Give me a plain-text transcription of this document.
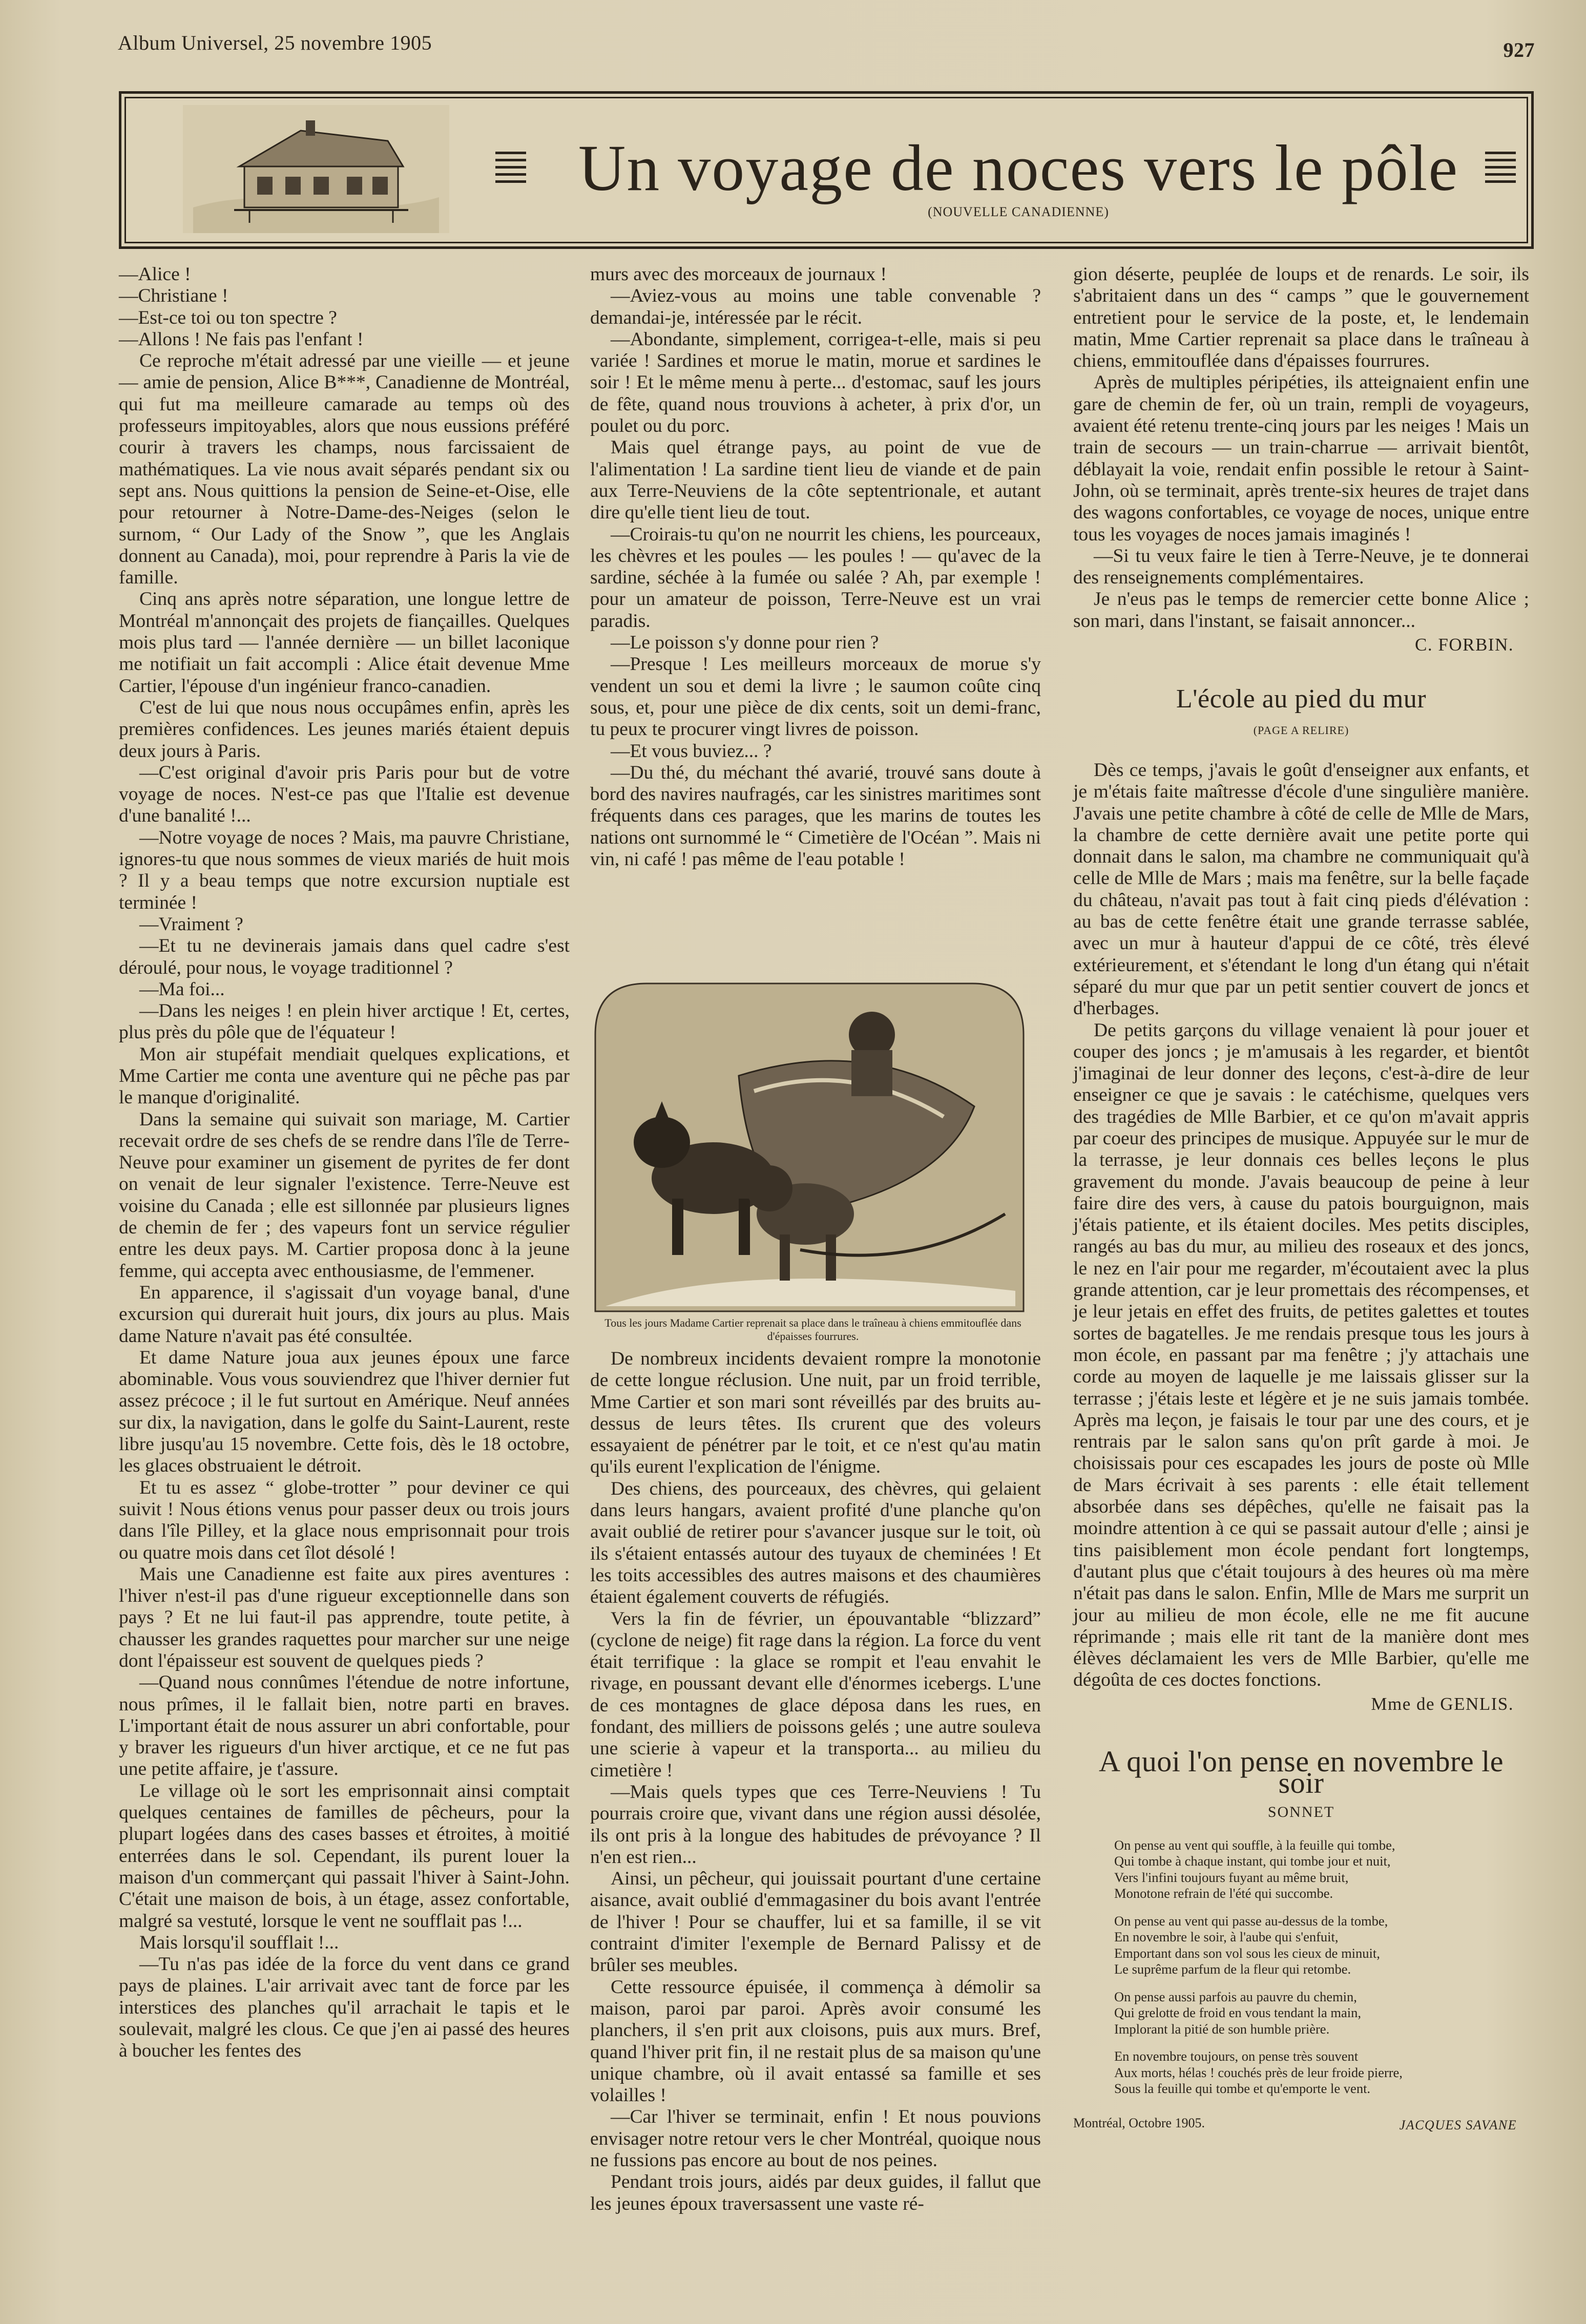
Album Universel, 25 novembre 1905	927
Un voyage de noces vers le pôle
(NOUVELLE CANADIENNE)

—Alice !

—Christiane !

—Est-ce toi ou ton spectre ?

—Allons ! Ne fais pas l'enfant !

Ce reproche m'était adressé par une vieille — et jeune — amie de pension, Alice B***, Canadienne de Montréal, qui fut ma meilleure camarade au temps où des professeurs impitoyables, alors que nous eussions préféré courir à travers les champs, nous farcissaient de mathématiques. La vie nous avait séparés pendant six ou sept ans. Nous quittions la pension de Seine-et-Oise, elle pour retourner à Notre-Dame-des-Neiges (selon le surnom, “ Our Lady of the Snow ”, que les Anglais donnent au Canada), moi, pour reprendre à Paris la vie de famille.

Cinq ans après notre séparation, une longue lettre de Montréal m'annonçait des projets de fiançailles. Quelques mois plus tard — l'année dernière — un billet laconique me notifiait un fait accompli : Alice était devenue Mme Cartier, l'épouse d'un ingénieur franco-canadien.

C'est de lui que nous nous occupâmes enfin, après les premières confidences. Les jeunes mariés étaient depuis deux jours à Paris.

—C'est original d'avoir pris Paris pour but de votre voyage de noces. N'est-ce pas que l'Italie est devenue d'une banalité !...

—Notre voyage de noces ? Mais, ma pauvre Christiane, ignores-tu que nous sommes de vieux mariés de huit mois ? Il y a beau temps que notre excursion nuptiale est terminée !

—Vraiment ?

—Et tu ne devinerais jamais dans quel cadre s'est déroulé, pour nous, le voyage traditionnel ?

—Ma foi...

—Dans les neiges ! en plein hiver arctique ! Et, certes, plus près du pôle que de l'équateur !

Mon air stupéfait mendiait quelques explications, et Mme Cartier me conta une aventure qui ne pêche pas par le manque d'originalité.

Dans la semaine qui suivait son mariage, M. Cartier recevait ordre de ses chefs de se rendre dans l'île de Terre-Neuve pour examiner un gisement de pyrites de fer dont on venait de leur signaler l'existence. Terre-Neuve est voisine du Canada ; elle est sillonnée par plusieurs lignes de chemin de fer ; des vapeurs font un service régulier entre les deux pays. M. Cartier proposa donc à la jeune femme, qui accepta avec enthousiasme, de l'emmener.

En apparence, il s'agissait d'un voyage banal, d'une excursion qui durerait huit jours, dix jours au plus. Mais dame Nature n'avait pas été consultée.

Et dame Nature joua aux jeunes époux une farce abominable. Vous vous souviendrez que l'hiver dernier fut assez précoce ; il le fut surtout en Amérique. Neuf années sur dix, la navigation, dans le golfe du Saint-Laurent, reste libre jusqu'au 15 novembre. Cette fois, dès le 18 octobre, les glaces obstruaient le détroit.

Et tu es assez “ globe-trotter ” pour deviner ce qui suivit ! Nous étions venus pour passer deux ou trois jours dans l'île Pilley, et la glace nous emprisonnait pour trois ou quatre mois dans cet îlot désolé !

Mais une Canadienne est faite aux pires aventures : l'hiver n'est-il pas d'une rigueur exceptionnelle dans son pays ? Et ne lui faut-il pas apprendre, toute petite, à chausser les grandes raquettes pour marcher sur une neige dont l'épaisseur est souvent de quelques pieds ?

—Quand nous connûmes l'étendue de notre infortune, nous prîmes, il le fallait bien, notre parti en braves. L'important était de nous assurer un abri confortable, pour y braver les rigueurs d'un hiver arctique, et ce ne fut pas une petite affaire, je t'assure.

Le village où le sort les emprisonnait ainsi comptait quelques centaines de familles de pêcheurs, pour la plupart logées dans des cases basses et étroites, à moitié enterrées dans le sol. Cependant, ils purent louer la maison d'un commerçant qui passait l'hiver à Saint-John. C'était une maison de bois, à un étage, assez confortable, malgré sa vestuté, lorsque le vent ne soufflait pas !...

Mais lorsqu'il soufflait !...

—Tu n'as pas idée de la force du vent dans ce grand pays de plaines. L'air arrivait avec tant de force par les interstices des planches qu'il arrachait le tapis et le soulevait, malgré les clous. Ce que j'en ai passé des heures à boucher les fentes des

murs avec des morceaux de journaux !

—Aviez-vous au moins une table convenable ? demandai-je, intéressée par le récit.

—Abondante, simplement, corrigea-t-elle, mais si peu variée ! Sardines et morue le matin, morue et sardines le soir ! Et le même menu à perte... d'estomac, sauf les jours de fête, quand nous trouvions à acheter, à prix d'or, un poulet ou du porc.

Mais quel étrange pays, au point de vue de l'alimentation ! La sardine tient lieu de viande et de pain aux Terre-Neuviens de la côte septentrionale, et autant dire qu'elle tient lieu de tout.

—Croirais-tu qu'on ne nourrit les chiens, les pourceaux, les chèvres et les poules — les poules ! — qu'avec de la sardine, séchée à la fumée ou salée ? Ah, par exemple ! pour un amateur de poisson, Terre-Neuve est un vrai paradis.

—Le poisson s'y donne pour rien ?

—Presque ! Les meilleurs morceaux de morue s'y vendent un sou et demi la livre ; le saumon coûte cinq sous, et, pour une pièce de dix cents, soit un demi-franc, tu peux te procurer vingt livres de poisson.

—Et vous buviez... ?

—Du thé, du méchant thé avarié, trouvé sans doute à bord des navires naufragés, car les sinistres maritimes sont fréquents dans ces parages, que les marins de toutes les nations ont surnommé le “ Cimetière de l'Océan ”. Mais ni vin, ni café ! pas même de l'eau potable !

Tous les jours Madame Cartier reprenait sa place dans le traîneau à chiens emmitouflée dans d'épaisses fourrures.

De nombreux incidents devaient rompre la monotonie de cette longue réclusion. Une nuit, par un froid terrible, Mme Cartier et son mari sont réveillés par des bruits au-dessus de leurs têtes. Ils crurent que des voleurs essayaient de pénétrer par le toit, et ce n'est qu'au matin qu'ils eurent l'explication de l'énigme.

Des chiens, des pourceaux, des chèvres, qui gelaient dans leurs hangars, avaient profité d'une planche qu'on avait oublié de retirer pour s'avancer jusque sur le toit, où ils s'étaient entassés autour des tuyaux de cheminées ! Et les toits accessibles des autres maisons et des chaumières étaient également couverts de réfugiés.

Vers la fin de février, un épouvantable “blizzard” (cyclone de neige) fit rage dans la région. La force du vent était terrifique : la glace se rompit et l'eau envahit le rivage, en poussant devant elle d'énormes icebergs. L'une de ces montagnes de glace déposa dans les rues, en fondant, des milliers de poissons gelés ; une autre souleva une scierie à vapeur et la transporta... au milieu du cimetière !

—Mais quels types que ces Terre-Neuviens ! Tu pourrais croire que, vivant dans une région aussi désolée, ils ont pris à la longue des habitudes de prévoyance ? Il n'en est rien...

Ainsi, un pêcheur, qui jouissait pourtant d'une certaine aisance, avait oublié d'emmagasiner du bois avant l'entrée de l'hiver ! Pour se chauffer, lui et sa famille, il se vit contraint d'imiter l'exemple de Bernard Palissy et de brûler ses meubles.

Cette ressource épuisée, il commença à démolir sa maison, paroi par paroi. Après avoir consumé les planchers, il s'en prit aux cloisons, puis aux murs. Bref, quand l'hiver prit fin, il ne restait plus de sa maison qu'une unique chambre, où il avait entassé sa famille et ses volailles !

—Car l'hiver se terminait, enfin ! Et nous pouvions envisager notre retour vers le cher Montréal, quoique nous ne fussions pas encore au bout de nos peines.

Pendant trois jours, aidés par deux guides, il fallut que les jeunes époux traversassent une vaste ré-

gion déserte, peuplée de loups et de renards. Le soir, ils s'abritaient dans un des “ camps ” que le gouvernement entretient pour le service de la poste, et, le lendemain matin, Mme Cartier reprenait sa place dans le traîneau à chiens, emmitouflée dans d'épaisses fourrures.

Après de multiples péripéties, ils atteignaient enfin une gare de chemin de fer, où un train, rempli de voyageurs, avaient été retenu trente-cinq jours par les neiges ! Mais un train de secours — un train-charrue — arrivait bientôt, déblayait la voie, rendait enfin possible le retour à Saint-John, où se terminait, après trente-six heures de trajet dans des wagons confortables, ce voyage de noces, unique entre tous les voyages de noces jamais imaginés !

—Si tu veux faire le tien à Terre-Neuve, je te donnerai des renseignements complémentaires.

Je n'eus pas le temps de remercier cette bonne Alice ; son mari, dans l'instant, se faisait annoncer...

C. FORBIN.
L'école au pied du mur
(PAGE A RELIRE)

Dès ce temps, j'avais le goût d'enseigner aux enfants, et je m'étais faite maîtresse d'école d'une singulière manière. J'avais une petite chambre à côté de celle de Mlle de Mars, la chambre de cette dernière avait une petite porte qui donnait dans le salon, ma chambre ne communiquait qu'à celle de Mlle de Mars ; mais ma fenêtre, sur la belle façade du château, n'avait pas tout à fait cinq pieds d'élévation : au bas de cette fenêtre était une grande terrasse sablée, avec un mur à hauteur d'appui de ce côté, très élevé extérieurement, et s'étendant le long d'un étang qui n'était séparé du mur que par un petit sentier couvert de joncs et d'herbages.

De petits garçons du village venaient là pour jouer et couper des joncs ; je m'amusais à les regarder, et bientôt j'imaginai de leur donner des leçons, c'est-à-dire de leur enseigner ce que je savais : le catéchisme, quelques vers des tragédies de Mlle Barbier, et ce qu'on m'avait appris par coeur des principes de musique. Appuyée sur le mur de la terrasse, je leur donnais ces belles leçons le plus gravement du monde. J'avais beaucoup de peine à leur faire dire des vers, à cause du patois bourguignon, mais j'étais patiente, et ils étaient dociles. Mes petits disciples, rangés au bas du mur, au milieu des roseaux et des joncs, le nez en l'air pour me regarder, m'écoutaient avec la plus grande attention, car je leur promettais des récompenses, et je leur jetais en effet des fruits, de petites galettes et toutes sortes de bagatelles. Je me rendais presque tous les jours à mon école, en passant par ma fenêtre ; j'y attachais une corde au moyen de laquelle je me laissais glisser sur la terrasse ; j'étais leste et légère et je ne suis jamais tombée. Après ma leçon, je faisais le tour par une des cours, et je rentrais par le salon sans qu'on prît garde à moi. Je choisissais pour ces escapades les jours de poste où Mlle de Mars écrivait à ses parents : elle était tellement absorbée dans ses dépêches, qu'elle ne faisait pas la moindre attention à ce qui se passait autour d'elle ; ainsi je tins paisiblement mon école pendant fort longtemps, d'autant plus que c'était toujours à des heures où ma mère n'était pas dans le salon. Enfin, Mlle de Mars me surprit un jour au milieu de mon école, elle ne me fit aucune réprimande ; mais elle rit tant de la manière dont mes élèves déclamaient les vers de Mlle Barbier, qu'elle me dégoûta de ces doctes fonctions.

Mme de GENLIS.
A quoi l'on pense en novembre le soir
SONNET
On pense au vent qui souffle, à la feuille qui tombe,
Qui tombe à chaque instant, qui tombe jour et nuit,
Vers l'infini toujours fuyant au même bruit,
Monotone refrain de l'été qui succombe.
On pense au vent qui passe au-dessus de la tombe,
En novembre le soir, à l'aube qui s'enfuit,
Emportant dans son vol sous les cieux de minuit,
Le suprême parfum de la fleur qui retombe.
On pense aussi parfois au pauvre du chemin,
Qui grelotte de froid en vous tendant la main,
Implorant la pitié de son humble prière.
En novembre toujours, on pense très souvent
Aux morts, hélas ! couchés près de leur froide pierre,
Sous la feuille qui tombe et qu'emporte le vent.
Montréal, Octobre 1905.	JACQUES SAVANE
